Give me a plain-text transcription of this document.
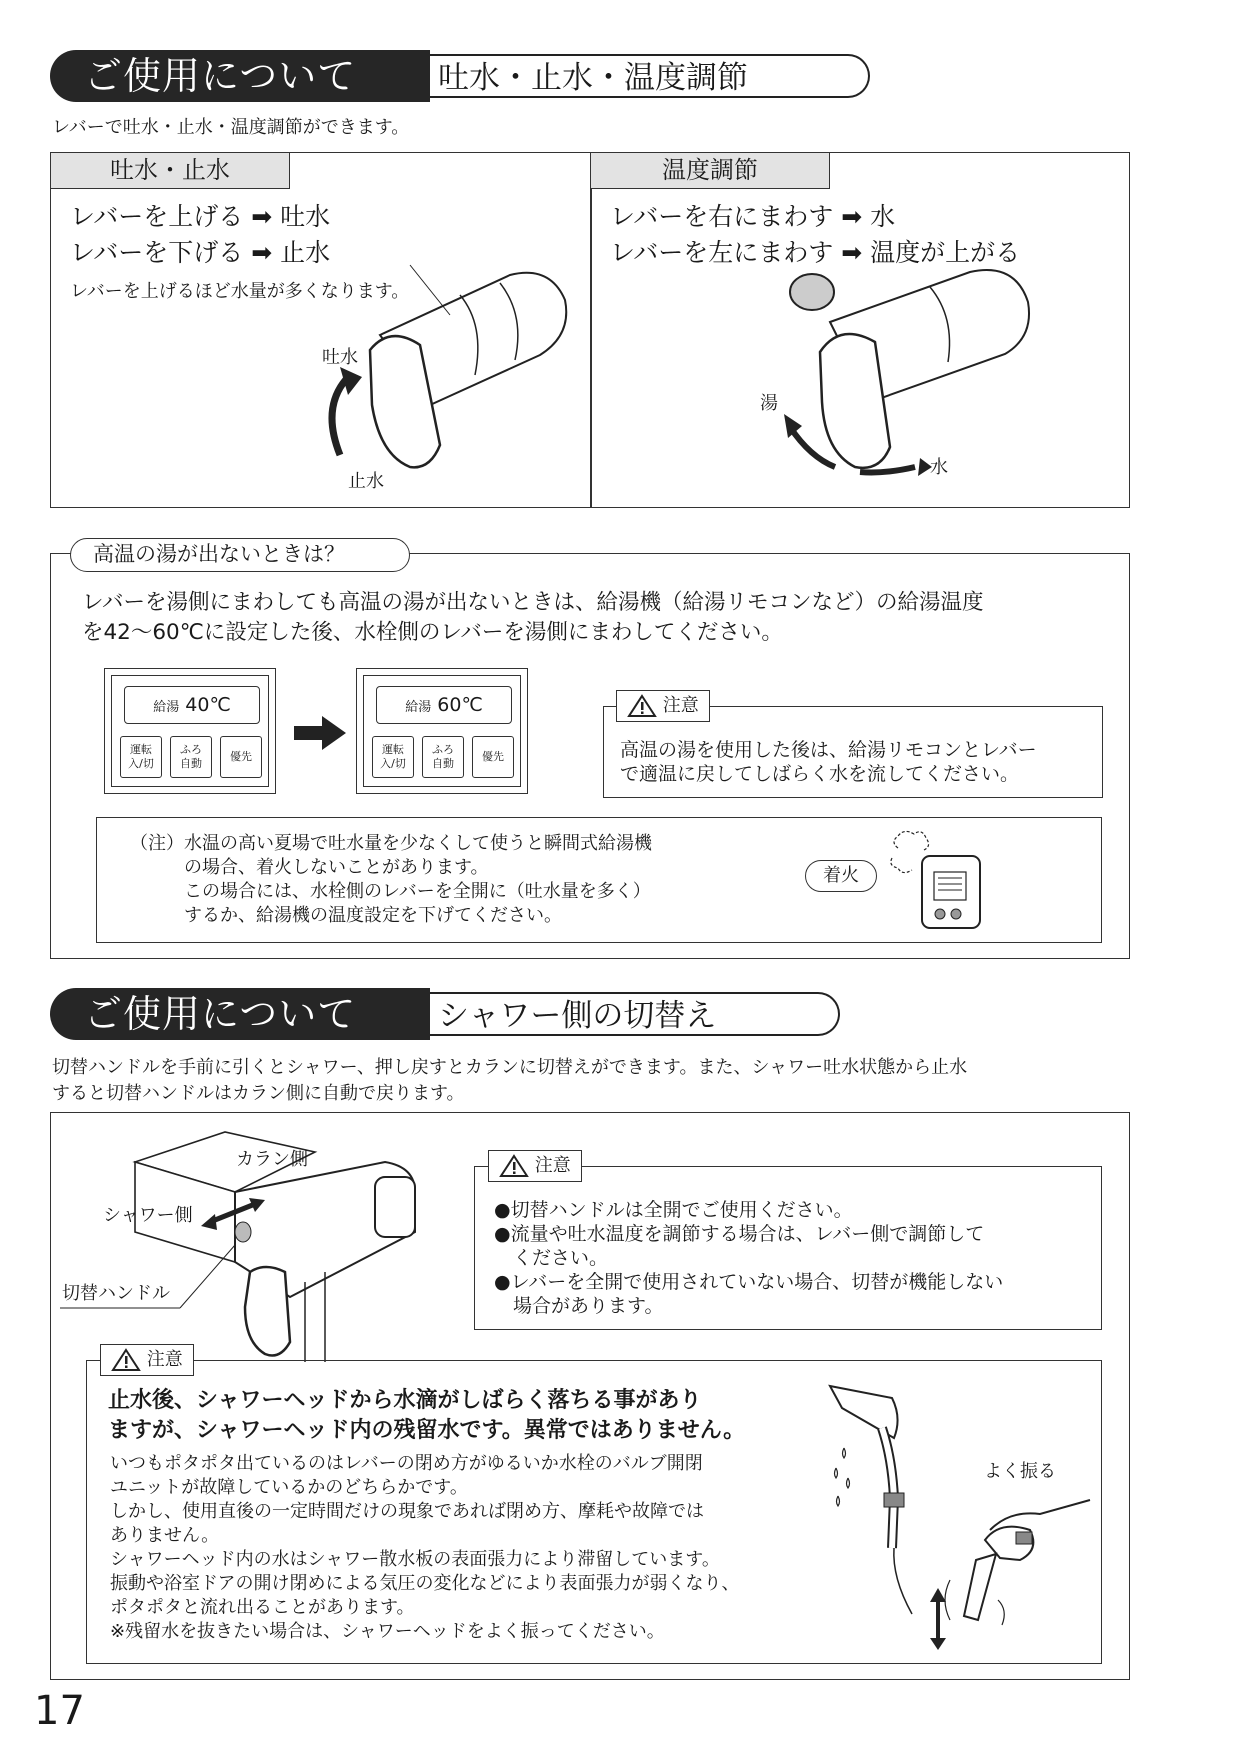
吐水・止水・温度調節
ご使用について
レバーで吐水・止水・温度調節ができます。
吐水・止水	温度調節
レバーを上げる ➡ 吐水
レバーを下げる ➡ 止水
レバーを上げるほど水量が多くなります。
吐水
止水
レバーを右にまわす ➡ 水
レバーを左にまわす ➡ 温度が上がる
湯
水
高温の湯が出ないときは？
レバーを湯側にまわしても高温の湯が出ないときは、給湯機（給湯リモコンなど）の給湯温度
を42～60℃に設定した後、水栓側のレバーを湯側にまわしてください。
給湯 40℃
運転
入/切
ふろ
自動
優先
給湯 60℃
運転
入/切
ふろ
自動
優先
注意
高温の湯を使用した後は、給湯リモコンとレバー
で適温に戻してしばらく水を流してください。
（注） 水温の高い夏場で吐水量を少なくして使うと瞬間式給湯機
の場合、着火しないことがあります。
この場合には、水栓側のレバーを全開に（吐水量を多く）
するか、給湯機の温度設定を下げてください。
着火
シャワー側の切替え
ご使用について
切替ハンドルを手前に引くとシャワー、押し戻すとカランに切替えができます。また、シャワー吐水状態から止水
すると切替ハンドルはカラン側に自動で戻ります。
カラン側
シャワー側
切替ハンドル
注意
●切替ハンドルは全開でご使用ください。
●流量や吐水温度を調節する場合は、レバー側で調節して
　ください。
●レバーを全開で使用されていない場合、切替が機能しない
　場合があります。
注意
止水後、シャワーヘッドから水滴がしばらく落ちる事があり
ますが、シャワーヘッド内の残留水です。異常ではありません。
いつもポタポタ出ているのはレバーの閉め方がゆるいか水栓のバルブ開閉
ユニットが故障しているかのどちらかです。
しかし、使用直後の一定時間だけの現象であれば閉め方、摩耗や故障では
ありません。
シャワーヘッド内の水はシャワー散水板の表面張力により滞留しています。
振動や浴室ドアの開け閉めによる気圧の変化などにより表面張力が弱くなり、
ポタポタと流れ出ることがあります。
※残留水を抜きたい場合は、シャワーヘッドをよく振ってください。
よく振る
17
